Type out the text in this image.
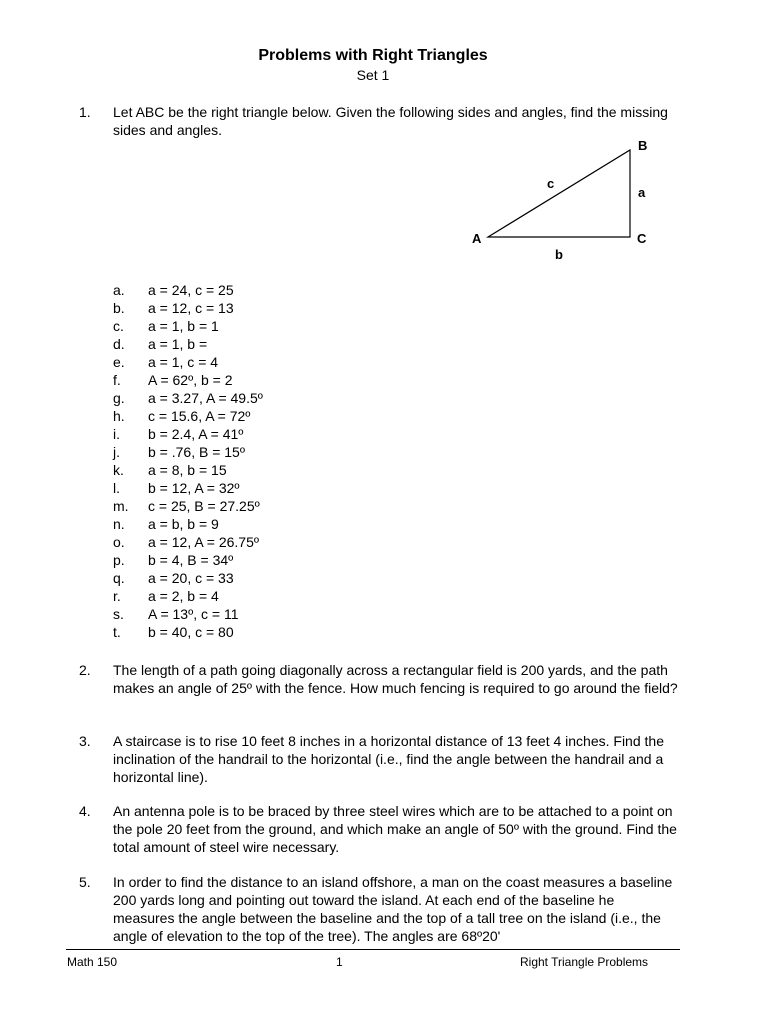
Problems with Right Triangles
Set 1
1. Let ABC be the right triangle below. Given the following sides and angles, find the missing sides and angles.
A
B
C
a
b
c
a. a = 24, c = 25
b. a = 12, c = 13
c. a = 1, b = 1
d. a = 1, b =
e. a = 1, c = 4
f. A = 62º, b = 2
g. a = 3.27, A = 49.5º
h. c = 15.6, A = 72º
i. b = 2.4, A = 41º
j. b = .76, B = 15º
k. a = 8, b = 15
l. b = 12, A = 32º
m. c = 25, B = 27.25º
n. a = b, b = 9
o. a = 12, A = 26.75º
p. b = 4, B = 34º
q. a = 20, c = 33
r. a = 2, b = 4
s. A = 13º, c = 11
t. b = 40, c = 80
2. The length of a path going diagonally across a rectangular field is 200 yards, and the path makes an angle of 25º with the fence. How much fencing is required to go around the field?
3. A staircase is to rise 10 feet 8 inches in a horizontal distance of 13 feet 4 inches. Find the inclination of the handrail to the horizontal (i.e., find the angle between the handrail and a horizontal line).
4. An antenna pole is to be braced by three steel wires which are to be attached to a point on the pole 20 feet from the ground, and which make an angle of 50º with the ground. Find the total amount of steel wire necessary.
5. In order to find the distance to an island offshore, a man on the coast measures a baseline 200 yards long and pointing out toward the island. At each end of the baseline he measures the angle between the baseline and the top of a tall tree on the island (i.e., the angle of elevation to the top of the tree). The angles are 68º20'
Math 150	1	Right Triangle Problems
